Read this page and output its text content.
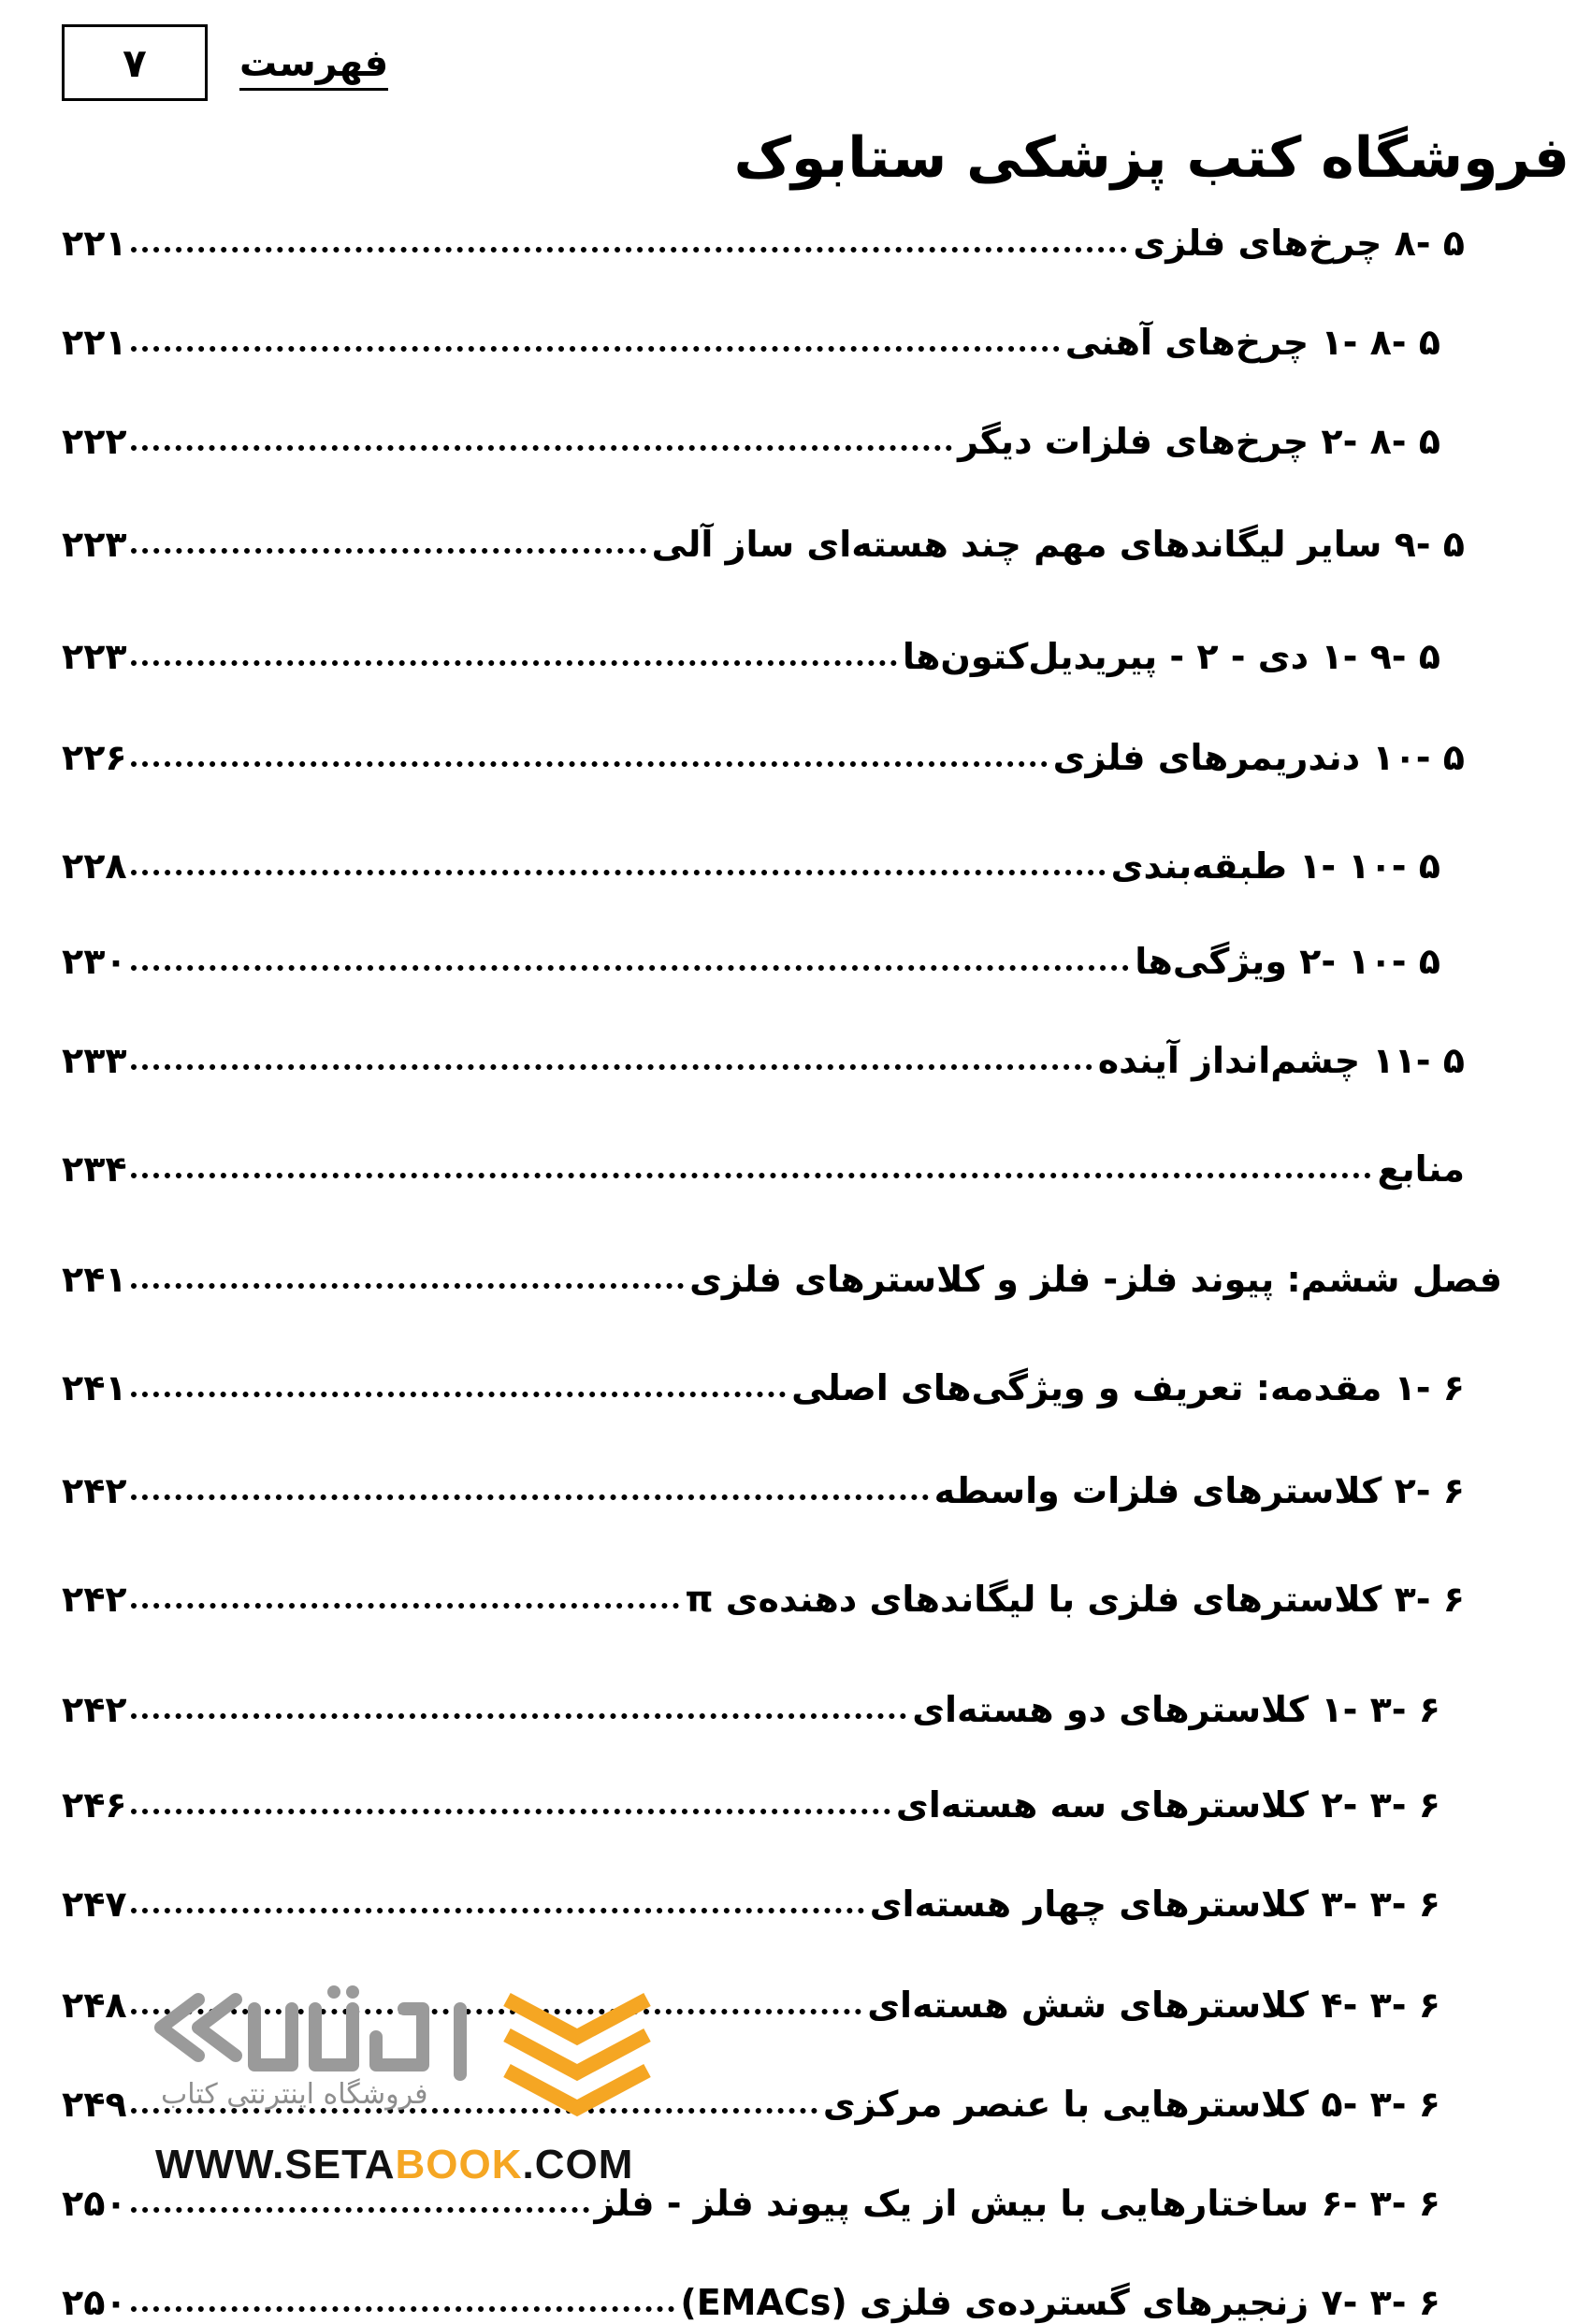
۷ فهرست
فروشگاه کتب پزشکی ستابوک
۵ -۸ چرخ‌های فلزی
۲۲۱
۵ -۸ -۱ چرخ‌های آهنی
۲۲۱
۵ -۸ -۲ چرخ‌های فلزات دیگر
۲۲۲
۵ -۹ سایر لیگاندهای مهم چند هسته‌ای ساز آلی
۲۲۳
۵ -۹ -۱ دی - ۲ - پیریدیل‌کتون‌ها
۲۲۳
۵ -۱۰ دندریمرهای فلزی
۲۲۶
۵ -۱۰ -۱ طبقه‌بندی
۲۲۸
۵ -۱۰ -۲ ویژگی‌ها
۲۳۰
۵ -۱۱ چشم‌انداز آینده
۲۳۳
منابع
۲۳۴
فصل ششم: پیوند فلز- فلز و کلاسترهای فلزی
۲۴۱
۶ -۱ مقدمه: تعریف و ویژگی‌های اصلی
۲۴۱
۶ -۲ کلاسترهای فلزات واسطه
۲۴۲
۶ -۳ کلاسترهای فلزی با لیگاندهای دهنده‌ی π
۲۴۲
۶ -۳ -۱ کلاسترهای دو هسته‌ای
۲۴۲
۶ -۳ -۲ کلاسترهای سه هسته‌ای
۲۴۶
۶ -۳ -۳ کلاسترهای چهار هسته‌ای
۲۴۷
۶ -۳ -۴ کلاسترهای شش هسته‌ای
۲۴۸
۶ -۳ -۵ کلاسترهایی با عنصر مرکزی
۲۴۹
۶ -۳ -۶ ساختارهایی با بیش از یک پیوند فلز - فلز
۲۵۰
۶ -۳ -۷ زنجیرهای گسترده‌ی فلزی (EMACs)
۲۵۰
فروشگاه اینترنتی کتاب
WWW.SETABOOK.COM
